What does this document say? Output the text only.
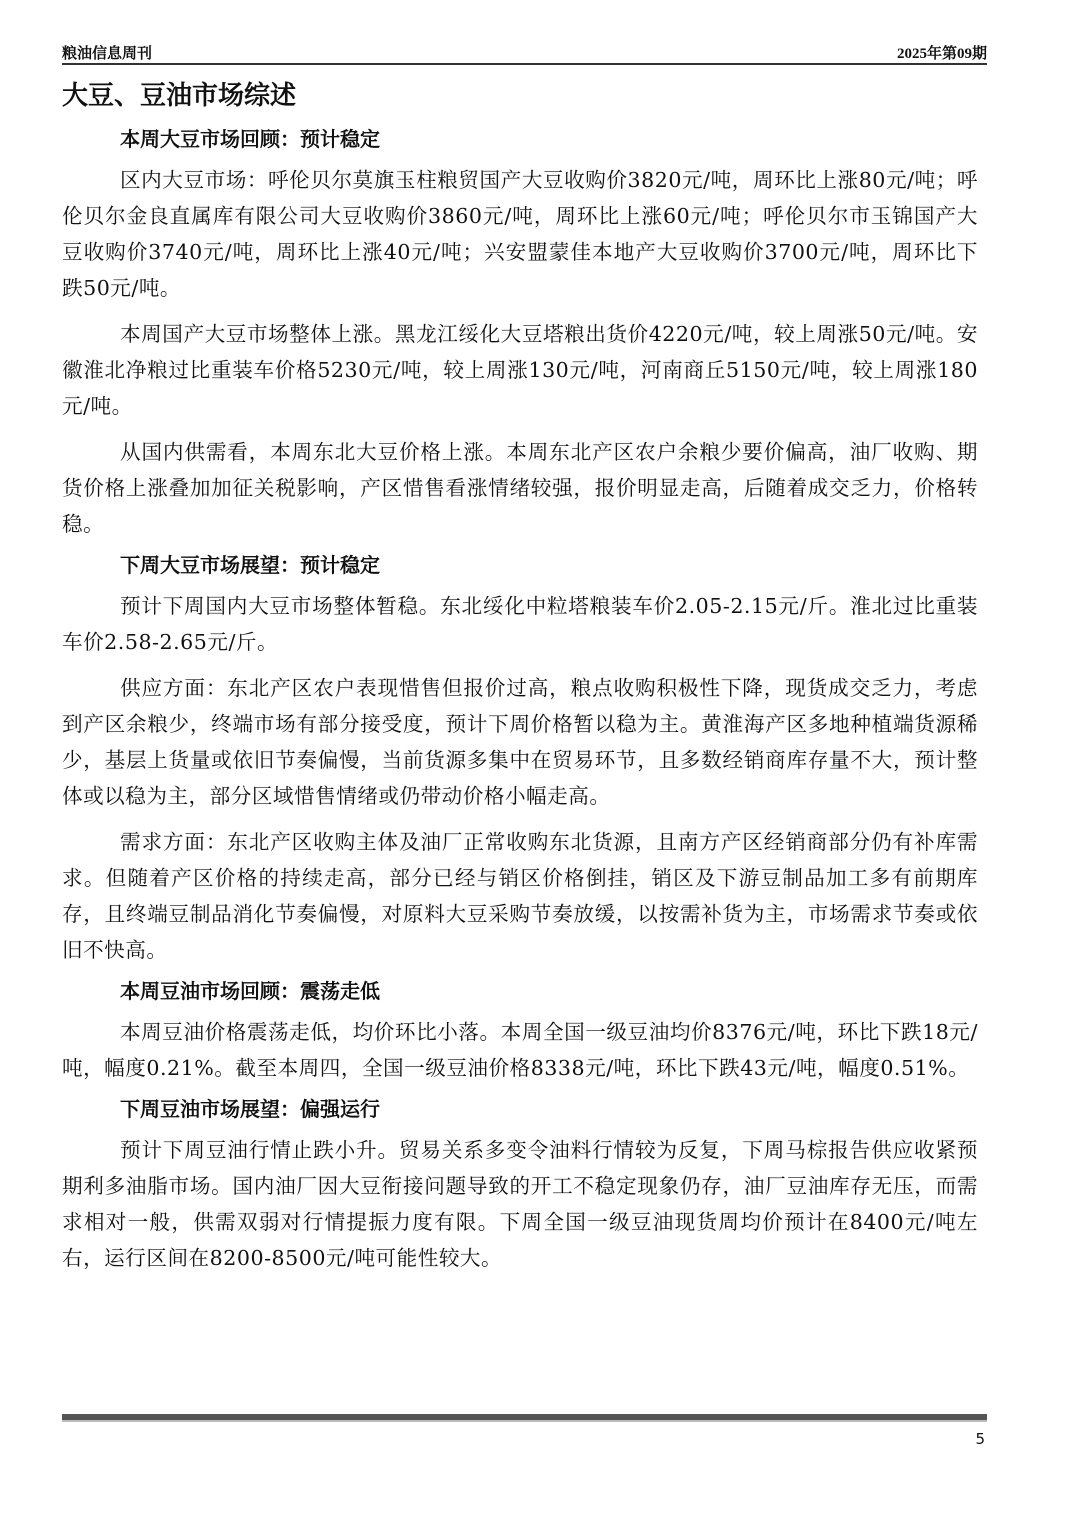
粮油信息周刊	2025年第09期
大豆、豆油市场综述
本周大豆市场回顾：预计稳定

区内大豆市场：呼伦贝尔莫旗玉柱粮贸国产大豆收购价3820元/吨，周环比上涨80元/吨；呼伦贝尔金良直属库有限公司大豆收购价3860元/吨，周环比上涨60元/吨；呼伦贝尔市玉锦国产大豆收购价3740元/吨，周环比上涨40元/吨；兴安盟蒙佳本地产大豆收购价3700元/吨，周环比下跌50元/吨。

本周国产大豆市场整体上涨。黑龙江绥化大豆塔粮出货价4220元/吨，较上周涨50元/吨。安徽淮北净粮过比重装车价格5230元/吨，较上周涨130元/吨，河南商丘5150元/吨，较上周涨180元/吨。

从国内供需看，本周东北大豆价格上涨。本周东北产区农户余粮少要价偏高，油厂收购、期货价格上涨叠加加征关税影响，产区惜售看涨情绪较强，报价明显走高，后随着成交乏力，价格转稳。

下周大豆市场展望：预计稳定

预计下周国内大豆市场整体暂稳。东北绥化中粒塔粮装车价2.05-2.15元/斤。淮北过比重装车价2.58-2.65元/斤。

供应方面：东北产区农户表现惜售但报价过高，粮点收购积极性下降，现货成交乏力，考虑到产区余粮少，终端市场有部分接受度，预计下周价格暂以稳为主。黄淮海产区多地种植端货源稀少，基层上货量或依旧节奏偏慢，当前货源多集中在贸易环节，且多数经销商库存量不大，预计整体或以稳为主，部分区域惜售情绪或仍带动价格小幅走高。

需求方面：东北产区收购主体及油厂正常收购东北货源，且南方产区经销商部分仍有补库需求。但随着产区价格的持续走高，部分已经与销区价格倒挂，销区及下游豆制品加工多有前期库存，且终端豆制品消化节奏偏慢，对原料大豆采购节奏放缓，以按需补货为主，市场需求节奏或依旧不快高。

本周豆油市场回顾：震荡走低

本周豆油价格震荡走低，均价环比小落。本周全国一级豆油均价8376元/吨，环比下跌18元/吨，幅度0.21%。截至本周四，全国一级豆油价格8338元/吨，环比下跌43元/吨，幅度0.51%。

下周豆油市场展望：偏强运行

预计下周豆油行情止跌小升。贸易关系多变令油料行情较为反复，下周马棕报告供应收紧预期利多油脂市场。国内油厂因大豆衔接问题导致的开工不稳定现象仍存，油厂豆油库存无压，而需求相对一般，供需双弱对行情提振力度有限。下周全国一级豆油现货周均价预计在8400元/吨左右，运行区间在8200-8500元/吨可能性较大。

5
